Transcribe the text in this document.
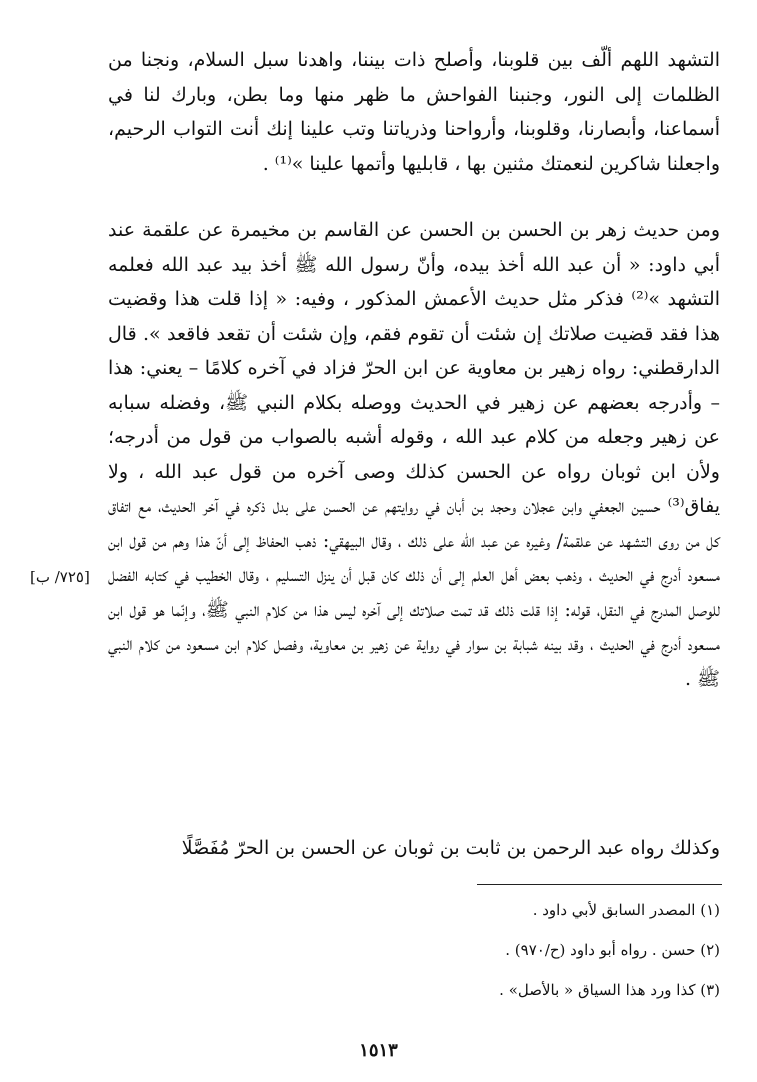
التشهد اللهم ألّف بين قلوبنا، وأصلح ذات بيننا، واهدنا سبل السلام، ونجنا من الظلمات إلى النور، وجنبنا الفواحش ما ظهر منها وما بطن، وبارك لنا في أسماعنا، وأبصارنا، وقلوبنا، وأرواحنا وذرياتنا وتب علينا إنك أنت التواب الرحيم، واجعلنا شاكرين لنعمتك مثنين بها ، قابليها وأتمها علينا »⁽¹⁾ .

ومن حديث زهر بن الحسن بن الحسن عن القاسم بن مخيمرة عن علقمة عند أبي داود: « أن عبد الله أخذ بيده، وأنّ رسول الله ﷺ أخذ بيد عبد الله فعلمه التشهد »⁽²⁾ فذكر مثل حديث الأعمش المذكور ، وفيه: « إذا قلت هذا وقضيت هذا فقد قضيت صلاتك إن شئت أن تقوم فقم، وإن شئت أن تقعد فاقعد ». قال الدارقطني: رواه زهير بن معاوية عن ابن الحرّ فزاد في آخره كلامًا – يعني: هذا – وأدرجه بعضهم عن زهير في الحديث ووصله بكلام النبي ﷺ، وفضله سبابه عن زهير وجعله من كلام عبد الله ، وقوله أشبه بالصواب من قول من أدرجه؛ ولأن ابن ثوبان رواه عن الحسن كذلك وصى آخره من قول عبد الله ، ولا يفاق⁽³⁾ حسين الجعفي وابن عجلان وحجد بن أبان في روايتهم عن الحسن على بدل ذكره في آخر الحديث، مع اتفاق كل من روى التشهد عن علقمة/ وغيره عن عبد الله على ذلك ، وقال البيهقي: ذهب الحفاظ إلى أنّ هذا وهم من قول ابن مسعود أدرج في الحديث ، وذهب بعض أهل العلم إلى أن ذلك كان قبل أن ينزل التسليم ، وقال الخطيب في كتابه الفضل للوصل المدرج في النقل، قوله: إذا قلت ذلك قد تمت صلاتك إلى آخره ليس هذا من كلام النبي ﷺ، وإنّما هو قول ابن مسعود أدرج في الحديث ، وقد بينه شبابة بن سوار في رواية عن زهير بن معاوية، وفصل كلام ابن مسعود من كلام النبي ﷺ .

وكذلك رواه عبد الرحمن بن ثابت بن ثوبان عن الحسن بن الحرّ مُفَصَّلًا

[٧٢٥/ ب]
(١) المصدر السابق لأبي داود .
(٢) حسن . رواه أبو داود (ح/٩٧٠) .
(٣) كذا ورد هذا السياق « بالأصل» .
١٥١٣
